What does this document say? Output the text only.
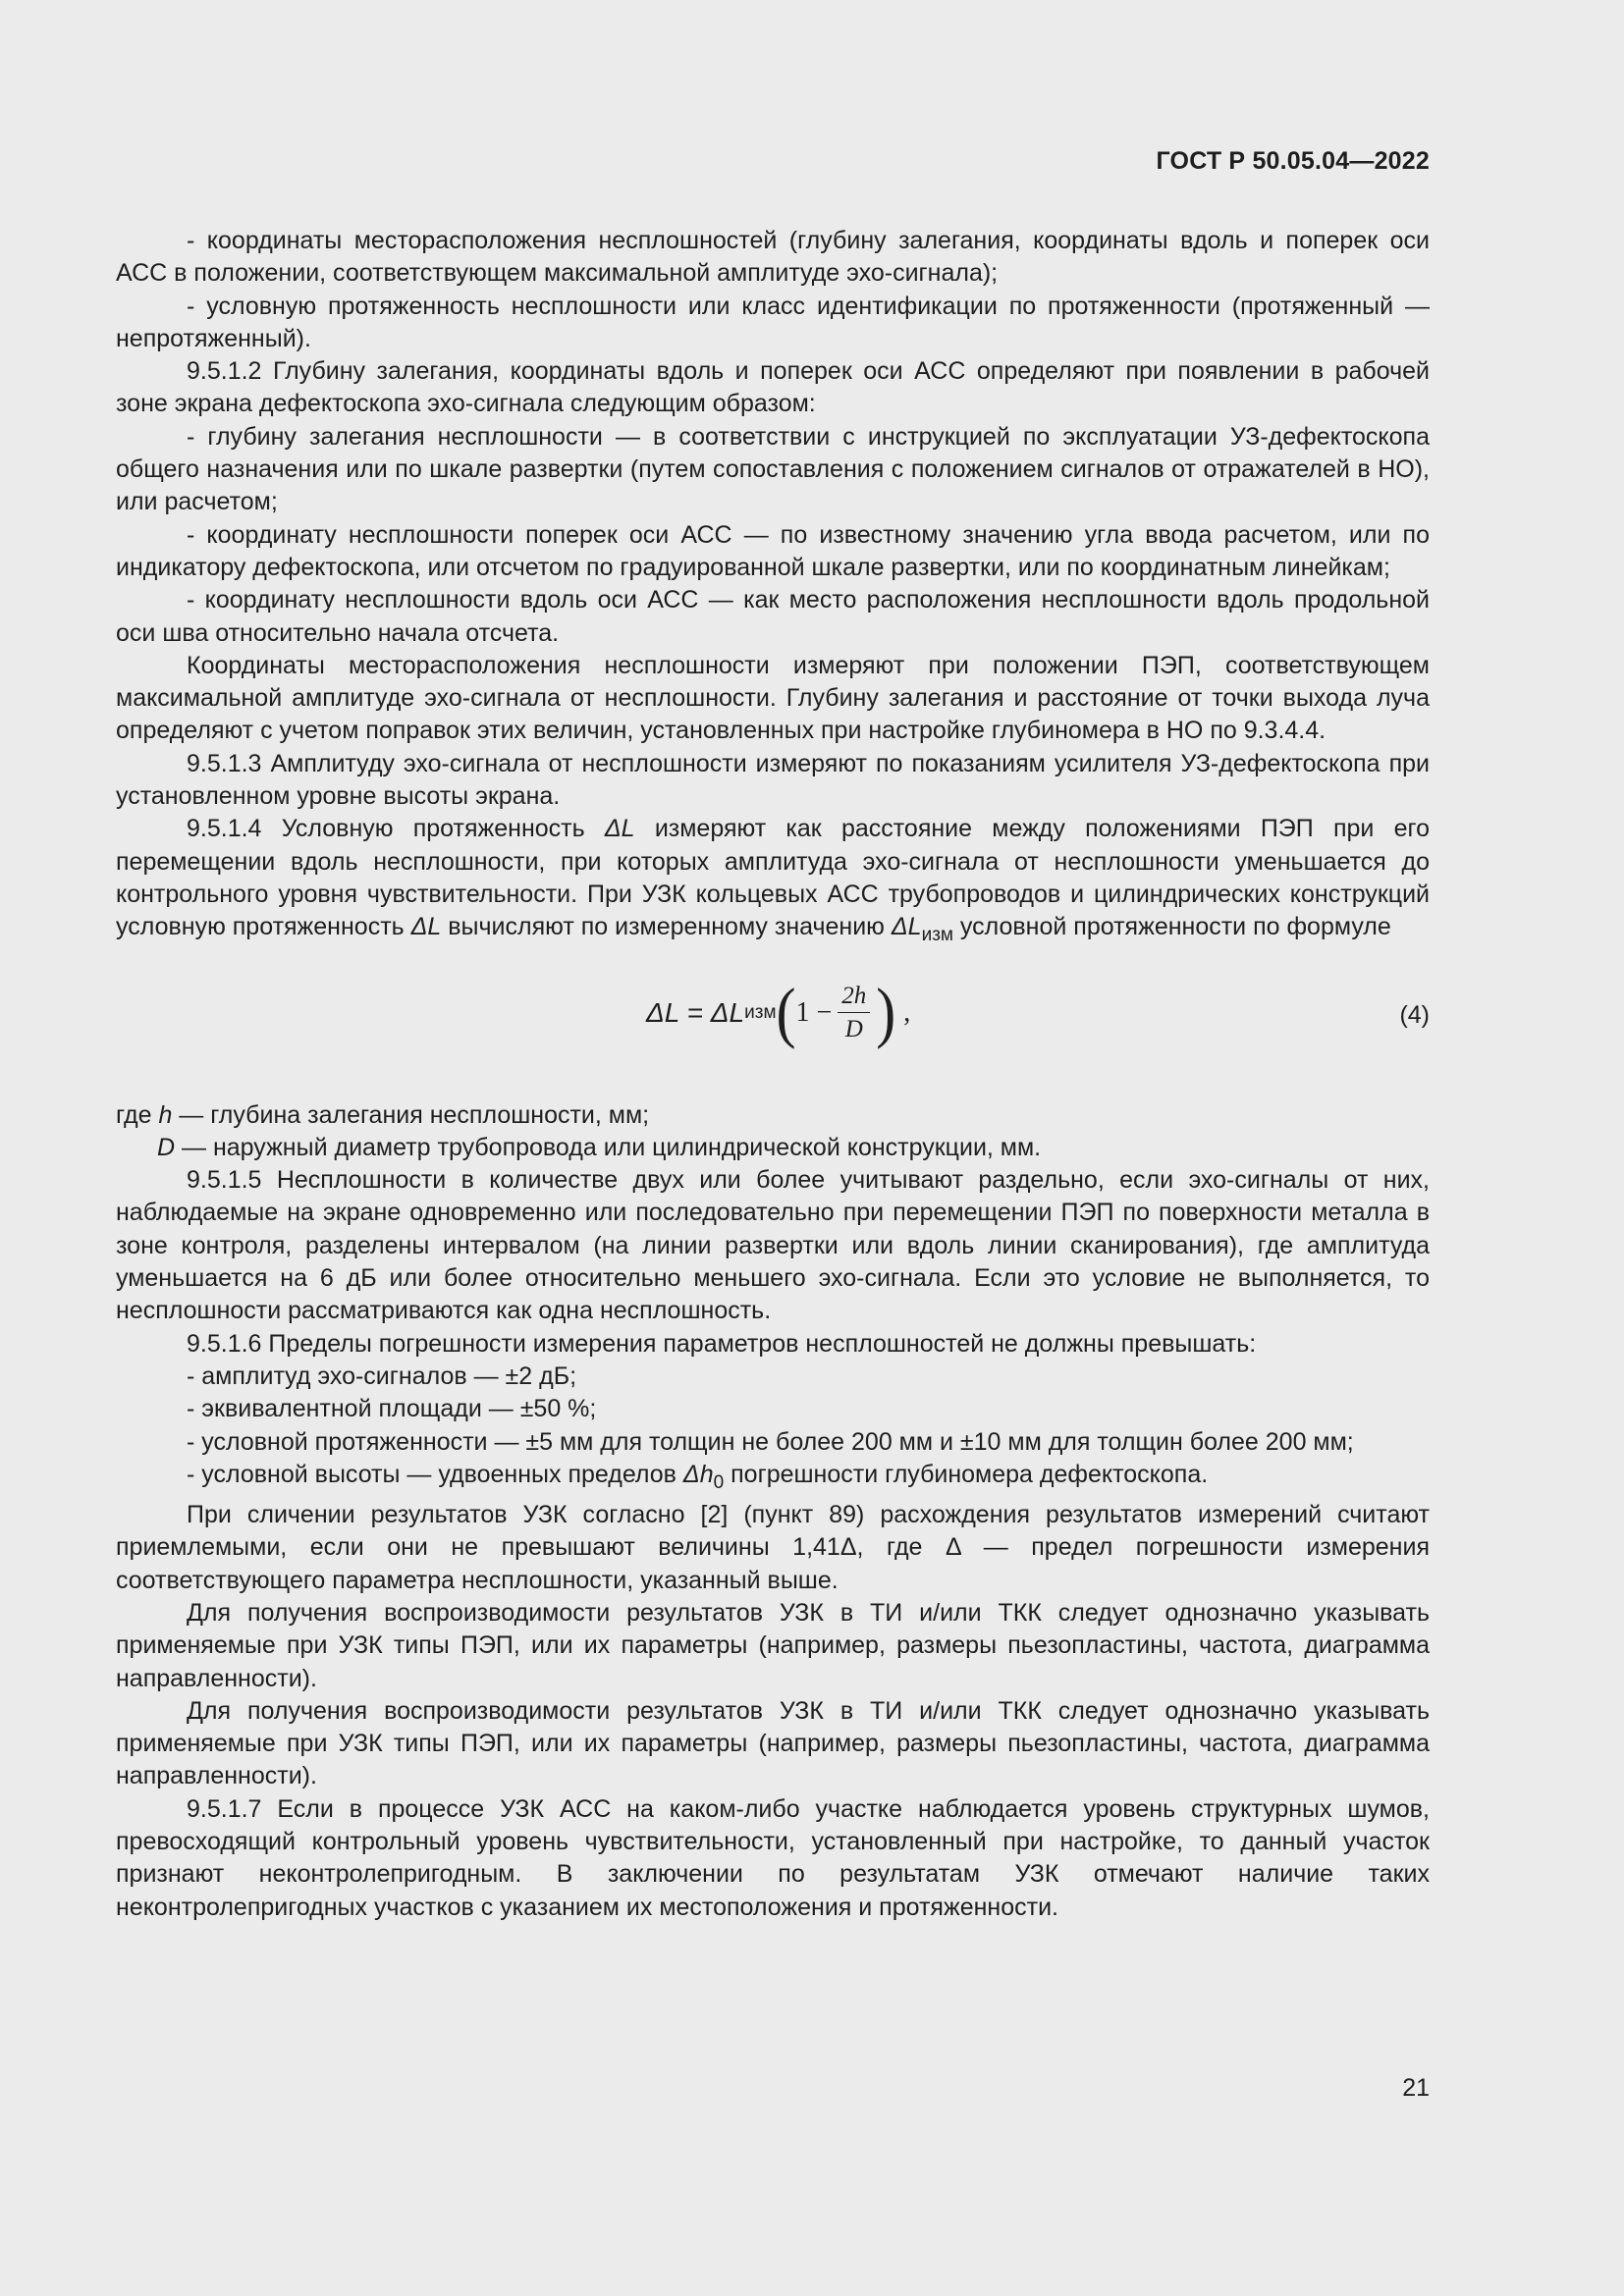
ГОСТ Р 50.05.04—2022

- координаты месторасположения несплошностей (глубину залегания, координаты вдоль и поперек оси АСС в положении, соответствующем максимальной амплитуде эхо-сигнала);

- условную протяженность несплошности или класс идентификации по протяженности (протяженный — непротяженный).

9.5.1.2 Глубину залегания, координаты вдоль и поперек оси АСС определяют при появлении в рабочей зоне экрана дефектоскопа эхо-сигнала следующим образом:

- глубину залегания несплошности — в соответствии с инструкцией по эксплуатации УЗ-дефектоскопа общего назначения или по шкале развертки (путем сопоставления с положением сигналов от отражателей в НО), или расчетом;

- координату несплошности поперек оси АСС — по известному значению угла ввода расчетом, или по индикатору дефектоскопа, или отсчетом по градуированной шкале развертки, или по координатным линейкам;

- координату несплошности вдоль оси АСС — как место расположения несплошности вдоль продольной оси шва относительно начала отсчета.

Координаты месторасположения несплошности измеряют при положении ПЭП, соответствующем максимальной амплитуде эхо-сигнала от несплошности. Глубину залегания и расстояние от точки выхода луча определяют с учетом поправок этих величин, установленных при настройке глубиномера в НО по 9.3.4.4.

9.5.1.3 Амплитуду эхо-сигнала от несплошности измеряют по показаниям усилителя УЗ-дефектоскопа при установленном уровне высоты экрана.

9.5.1.4 Условную протяженность ΔL измеряют как расстояние между положениями ПЭП при его перемещении вдоль несплошности, при которых амплитуда эхо-сигнала от несплошности уменьшается до контрольного уровня чувствительности. При УЗК кольцевых АСС трубопроводов и цилиндрических конструкций условную протяженность ΔL вычисляют по измеренному значению $\Delta L_{изм}$ условной протяженности по формуле

ΔL = ΔL изм ( $1 - \frac{2h}{D}$ ) ,	(4)

где h — глубина залегания несплошности, мм;

D — наружный диаметр трубопровода или цилиндрической конструкции, мм.

9.5.1.5 Несплошности в количестве двух или более учитывают раздельно, если эхо-сигналы от них, наблюдаемые на экране одновременно или последовательно при перемещении ПЭП по поверхности металла в зоне контроля, разделены интервалом (на линии развертки или вдоль линии сканирования), где амплитуда уменьшается на 6 дБ или более относительно меньшего эхо-сигнала. Если это условие не выполняется, то несплошности рассматриваются как одна несплошность.

9.5.1.6 Пределы погрешности измерения параметров несплошностей не должны превышать:

- амплитуд эхо-сигналов — ±2 дБ;

- эквивалентной площади — ±50 %;

- условной протяженности — ±5 мм для толщин не более 200 мм и ±10 мм для толщин более 200 мм;

- условной высоты — удвоенных пределов $\Delta h_0$ погрешности глубиномера дефектоскопа.

При сличении результатов УЗК согласно [2] (пункт 89) расхождения результатов измерений считают приемлемыми, если они не превышают величины 1,41Δ, где Δ — предел погрешности измерения соответствующего параметра несплошности, указанный выше.

Для получения воспроизводимости результатов УЗК в ТИ и/или ТКК следует однозначно указывать применяемые при УЗК типы ПЭП, или их параметры (например, размеры пьезопластины, частота, диаграмма направленности).

Для получения воспроизводимости результатов УЗК в ТИ и/или ТКК следует однозначно указывать применяемые при УЗК типы ПЭП, или их параметры (например, размеры пьезопластины, частота, диаграмма направленности).

9.5.1.7 Если в процессе УЗК АСС на каком-либо участке наблюдается уровень структурных шумов, превосходящий контрольный уровень чувствительности, установленный при настройке, то данный участок признают неконтролепригодным. В заключении по результатам УЗК отмечают наличие таких неконтролепригодных участков с указанием их местоположения и протяженности.

21
